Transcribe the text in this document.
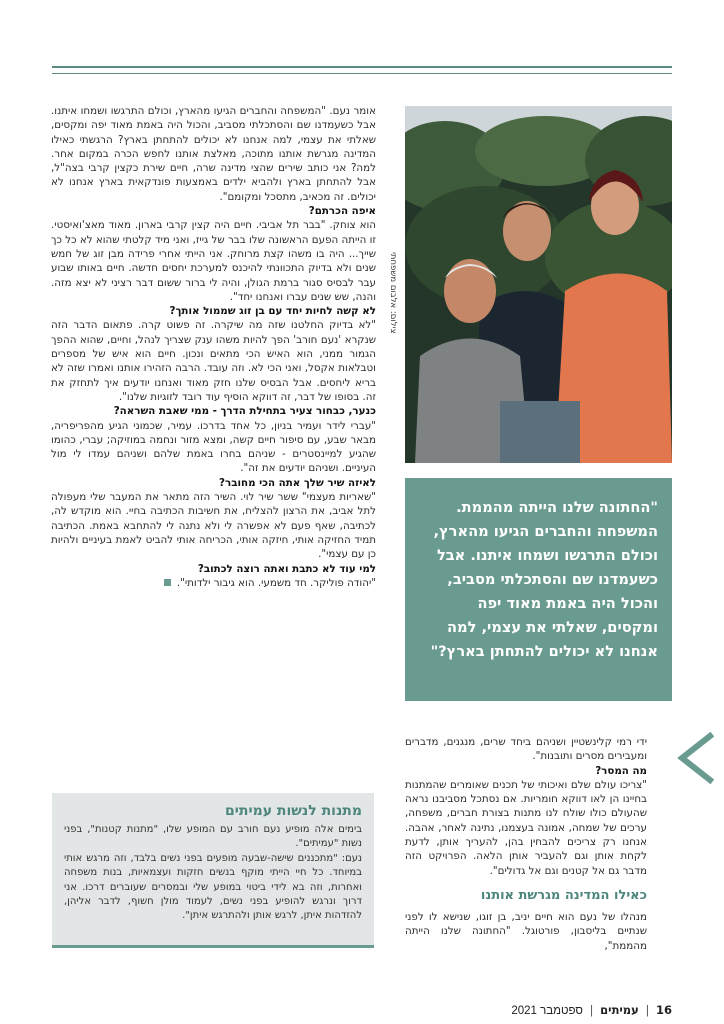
צילום: אלבום משפחתי

אומר נעם. "המשפחה והחברים הגיעו מהארץ, וכולם התרגשו ושמחו איתנו. אבל כשעמדנו שם והסתכלתי מסביב, והכול היה באמת מאוד יפה ומקסים, שאלתי את עצמי, למה אנחנו לא יכולים להתחתן בארץ? הרגשתי כאילו המדינה מגרשת אותנו מתוכה, מאלצת אותנו לחפש הכרה במקום אחר. למה? אני כותב שירים שהצי מדינה שרה, חיים שירת כקצין קרבי בצה"ל, אבל להתחתן בארץ ולהביא ילדים באמצעות פונדקאית בארץ אנחנו לא יכולים. זה מכאיב, מתסכל ומקומם".

איפה הכרתם?

הוא צוחק. "בבר תל אביבי. חיים היה קצין קרבי בארון. מאוד מאצ'ואיסטי. זו הייתה הפעם הראשונה שלו בבר של גייז, ואני מיד קלטתי שהוא לא כל כך שייך... היה בו משהו קצת מרוחק. אני הייתי אחרי פרידה מבן זוג של חמש שנים ולא בדיוק התכוונתי להיכנס למערכת יחסים חדשה. חיים באותו שבוע עבר לבסיס סגור ברמת הגולן, והיה לי ברור ששום דבר רציני לא יצא מזה. והנה, שש שנים עברו ואנחנו יחד".

לא קשה לחיות יחד עם בן זוג שממול אותך?

"לא בדיוק החלטנו שזה מה שיקרה. זה פשוט קרה. פתאום הדבר הזה שנקרא 'נעם חורב' הפך להיות משהו ענק שצריך לנהל, וחיים, שהוא ההפך הגמור ממני, הוא האיש הכי מתאים ונכון. חיים הוא איש של מספרים וטבלאות אקסל, ואני הכי לא. וזה עובד. הרבה הזהירו אותנו ואמרו שזה לא בריא ליחסים. אבל הבסיס שלנו חזק מאוד ואנחנו יודעים איך לתחזק את זה. בסופו של דבר, זה דווקא הוסיף עוד רובד לזוגיות שלנו".

כנער, כבחור צעיר בתחילת הדרך - ממי שאבת השראה?

"עברי לידר ועמיר בניון, כל אחד בדרכו. עמיר, שכמוני הגיע מהפריפריה, מבאר שבע, עם סיפור חיים קשה, ומצא מזור ונחמה במוזיקה; עברי, כהומו שהגיע למיינסטרים - שניהם בחרו באמת שלהם ושניהם עמדו לי מול העיניים. ושניהם יודעים את זה".

לאיזה שיר שלך אתה הכי מחובר?

"שאריות מעצמי" ששר שיר לוי. השיר הזה מתאר את המעבר שלי מעפולה לתל אביב, את הרצון להצליח, את חשיבות הכתיבה בחיי. הוא מוקדש לה, לכתיבה, שאף פעם לא אפשרה לי ולא נתנה לי להתחבא באמת. הכתיבה תמיד החזיקה אותי, חיזקה אותי, הכריחה אותי להביט לאמת בעיניים ולהיות כן עם עצמי".

למי עוד לא כתבת ואתה רוצה לכתוב?

"יהודה פוליקר. חד משמעי. הוא גיבור ילדותי".

"החתונה שלנו הייתה מהממת. המשפחה והחברים הגיעו מהארץ, וכולם התרגשו ושמחו איתנו. אבל כשעמדנו שם והסתכלתי מסביב, והכול היה באמת מאוד יפה ומקסים, שאלתי את עצמי, למה אנחנו לא יכולים להתחתן בארץ?"

ידי רמי קלינשטיין ושניהם ביחד שרים, מנגנים, מדברים ומעבירים מסרים ותובנות".

מה המסר?

"צריכו עולם שלם ואיכותי של תכנים שאומרים שהמתנות בחיינו הן לאו דווקא חומריות. אם נסתכל מסביבנו נראה שהעולם כולו שולח לנו מתנות בצורת חברים, משפחה, ערכים של שמחה, אמונה בעצמנו, נתינה לאחר, אהבה. אנחנו רק צריכים להבחין בהן, להעריך אותן, לדעת לקחת אותן וגם להעביר אותן הלאה. הפרויקט הזה מדבר גם אל קטנים וגם אל גדולים".

כאילו המדינה מגרשת אותנו

מנהלו של נעם הוא חיים יניב, בן זוגו, שנישא לו לפני שנתיים בליסבון, פורטוגל. "החתונה שלנו הייתה מהממת",

מתנות לנשות עמיתים

בימים אלה מופיע נעם חורב עם המופע שלו, "מתנות קטנות", בפני נשות "עמיתים".

נעם: "מתכננים שישה-שבעה מופעים בפני נשים בלבד, וזה מרגש אותי במיוחד. כל חיי הייתי מוקף בנשים חזקות ועצמאיות, בנות משפחה ואחרות, וזה בא לידי ביטוי במופע שלי ובמסרים שעוברים דרכו. אני דרוך ונרגש להופיע בפני נשים, לעמוד מולן חשוף, לדבר אליהן, להזדהות איתן, לרגש אותן ולהתרגש איתן".

16 | עמיתים | ספטמבר 2021
